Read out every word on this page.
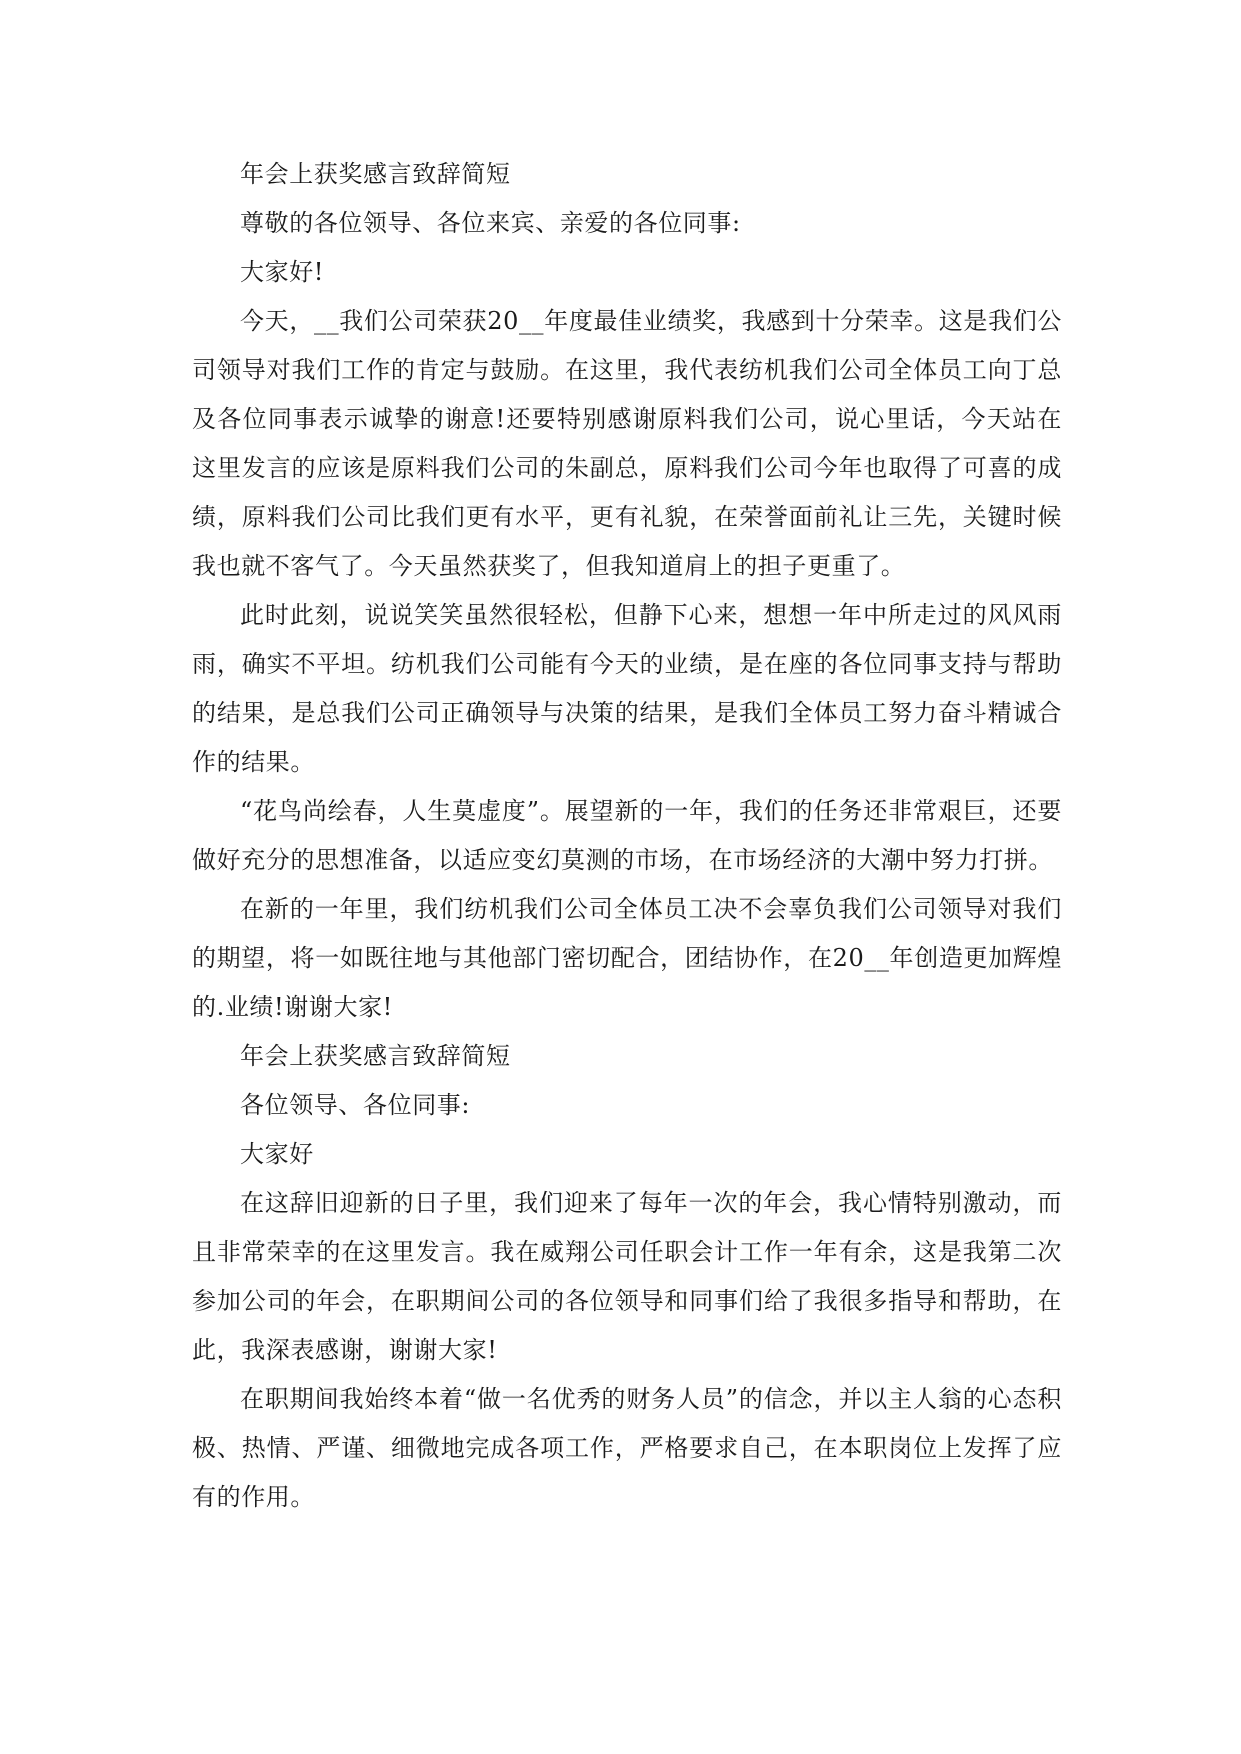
年会上获奖感言致辞简短

尊敬的各位领导、各位来宾、亲爱的各位同事:

大家好!

今天，__我们公司荣获20__年度最佳业绩奖，我感到十分荣幸。这是我们公司领导对我们工作的肯定与鼓励。在这里，我代表纺机我们公司全体员工向丁总及各位同事表示诚挚的谢意!还要特别感谢原料我们公司，说心里话，今天站在这里发言的应该是原料我们公司的朱副总，原料我们公司今年也取得了可喜的成绩，原料我们公司比我们更有水平，更有礼貌，在荣誉面前礼让三先，关键时候我也就不客气了。今天虽然获奖了，但我知道肩上的担子更重了。

此时此刻，说说笑笑虽然很轻松，但静下心来，想想一年中所走过的风风雨雨，确实不平坦。纺机我们公司能有今天的业绩，是在座的各位同事支持与帮助的结果，是总我们公司正确领导与决策的结果，是我们全体员工努力奋斗精诚合作的结果。

“花鸟尚绘春，人生莫虚度”。展望新的一年，我们的任务还非常艰巨，还要做好充分的思想准备，以适应变幻莫测的市场，在市场经济的大潮中努力打拼。

在新的一年里，我们纺机我们公司全体员工决不会辜负我们公司领导对我们的期望，将一如既往地与其他部门密切配合，团结协作，在20__年创造更加辉煌的.业绩!谢谢大家!

年会上获奖感言致辞简短

各位领导、各位同事:

大家好

在这辞旧迎新的日子里，我们迎来了每年一次的年会，我心情特别激动，而且非常荣幸的在这里发言。我在威翔公司任职会计工作一年有余，这是我第二次参加公司的年会，在职期间公司的各位领导和同事们给了我很多指导和帮助，在此，我深表感谢，谢谢大家!

在职期间我始终本着“做一名优秀的财务人员”的信念，并以主人翁的心态积极、热情、严谨、细微地完成各项工作，严格要求自己，在本职岗位上发挥了应有的作用。
